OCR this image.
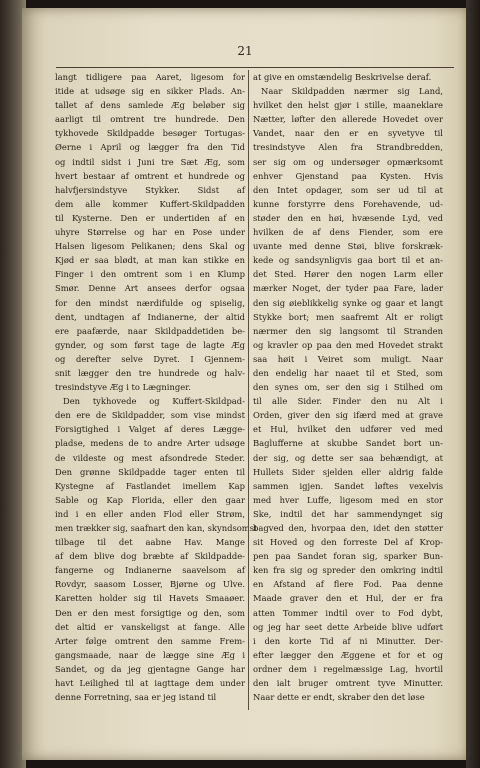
21
langt tidligere paa Aaret, ligesom for
itide at udsøge sig en sikker Plads. An-
tallet af dens samlede Æg beløber sig
aarligt til omtrent tre hundrede. Den
tykhovede Skildpadde besøger Tortugas-
Øerne i April og lægger fra den Tid
og indtil sidst i Juni tre Sæt Æg, som
hvert bestaar af omtrent et hundrede og
halvfjersindstyve Stykker. Sidst af
dem alle kommer Kuffert-Skildpadden
til Kysterne. Den er undertiden af en
uhyre Størrelse og har en Pose under
Halsen ligesom Pelikanen; dens Skal og
Kjød er saa blødt, at man kan stikke en
Finger i den omtrent som i en Klump
Smør. Denne Art ansees derfor ogsaa
for den mindst nærdifulde og spiselig,
dent, undtagen af Indianerne, der altid
ere paafærde, naar Skildpaddetiden be-
gynder, og som først tage de lagte Æg
og derefter selve Dyret. I Gjennem-
snit lægger den tre hundrede og halv-
tresindstyve Æg i to Lægninger.
Den tykhovede og Kuffert-Skildpad-
den ere de Skildpadder, som vise mindst
Forsigtighed i Valget af deres Lægge-
pladse, medens de to andre Arter udsøge
de vildeste og mest afsondrede Steder.
Den grønne Skildpadde tager enten til
Kystegne af Fastlandet imellem Kap
Sable og Kap Florida, eller den gaar
ind i en eller anden Flod eller Strøm,
men trækker sig, saafnart den kan, skyndsomst
tilbage til det aabne Hav. Mange
af dem blive dog bræbte af Skildpadde-
fangerne og Indianerne saavelsom af
Rovdyr, saasom Losser, Bjørne og Ulve.
Karetten holder sig til Havets Smaaøer.
Den er den mest forsigtige og den, som
det altid er vanskeligst at fange. Alle
Arter følge omtrent den samme Frem-
gangsmaade, naar de lægge sine Æg i
Sandet, og da jeg gjentagne Gange har
havt Leilighed til at iagttage dem under
denne Forretning, saa er jeg istand til
at give en omstændelig Beskrivelse deraf.
Naar Skildpadden nærmer sig Land,
hvilket den helst gjør i stille, maaneklare
Nætter, løfter den allerede Hovedet over
Vandet, naar den er en syvetyve til
tresindstyve Alen fra Strandbredden,
ser sig om og undersøger opmærksomt
enhver Gjenstand paa Kysten. Hvis
den Intet opdager, som ser ud til at
kunne forstyrre dens Forehavende, ud-
støder den en høi, hvæsende Lyd, ved
hvilken de af dens Fiender, som ere
uvante med denne Støi, blive forskræk-
kede og sandsynligvis gaa bort til et an-
det Sted. Hører den nogen Larm eller
mærker Noget, der tyder paa Fare, lader
den sig øieblikkelig synke og gaar et langt
Stykke bort; men saafremt Alt er roligt
nærmer den sig langsomt til Stranden
og kravler op paa den med Hovedet strakt
saa høit i Veiret som muligt. Naar
den endelig har naaet til et Sted, som
den synes om, ser den sig i Stilhed om
til alle Sider. Finder den nu Alt i
Orden, giver den sig ifærd med at grave
et Hul, hvilket den udfører ved med
Baglufferne at skubbe Sandet bort un-
der sig, og dette ser saa behændigt, at
Hullets Sider sjelden eller aldrig falde
sammen igjen. Sandet løftes vexelvis
med hver Luffe, ligesom med en stor
Ske, indtil det har sammendynget sig
bagved den, hvorpaa den, idet den støtter
sit Hoved og den forreste Del af Krop-
pen paa Sandet foran sig, sparker Bun-
ken fra sig og spreder den omkring indtil
en Afstand af flere Fod. Paa denne
Maade graver den et Hul, der er fra
atten Tommer indtil over to Fod dybt,
og jeg har seet dette Arbeide blive udført
i den korte Tid af ni Minutter. Der-
efter lægger den Æggene et for et og
ordner dem i regelmæssige Lag, hvortil
den ialt bruger omtrent tyve Minutter.
Naar dette er endt, skraber den det løse
